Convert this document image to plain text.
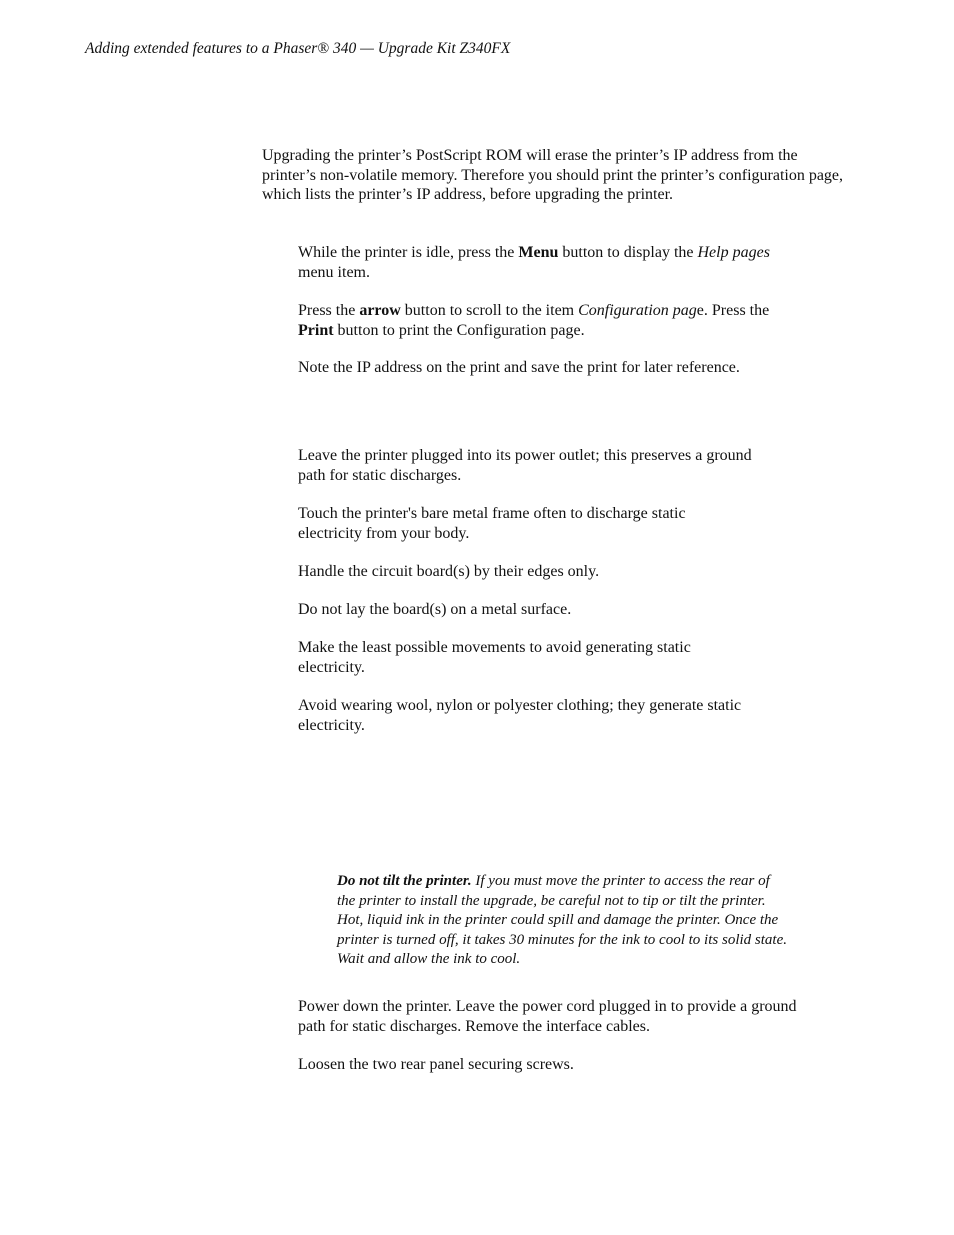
Adding extended features to a Phaser® 340 — Upgrade Kit Z340FX

Upgrading the printer’s PostScript ROM will erase the printer’s IP address from the printer’s non-volatile memory. Therefore you should print the printer’s configuration page, which lists the printer’s IP address, before upgrading the printer.

While the printer is idle, press the Menu button to display the Help pages menu item.

Press the arrow button to scroll to the item Configuration page. Press the Print button to print the Configuration page.

Note the IP address on the print and save the print for later reference.

Leave the printer plugged into its power outlet; this preserves a ground path for static discharges.

Touch the printer's bare metal frame often to discharge static electricity from your body.

Handle the circuit board(s) by their edges only.

Do not lay the board(s) on a metal surface.

Make the least possible movements to avoid generating static electricity.

Avoid wearing wool, nylon or polyester clothing; they generate static electricity.

Do not tilt the printer. If you must move the printer to access the rear of the printer to install the upgrade, be careful not to tip or tilt the printer. Hot, liquid ink in the printer could spill and damage the printer. Once the printer is turned off, it takes 30 minutes for the ink to cool to its solid state. Wait and allow the ink to cool.

Power down the printer. Leave the power cord plugged in to provide a ground path for static discharges. Remove the interface cables.

Loosen the two rear panel securing screws.
